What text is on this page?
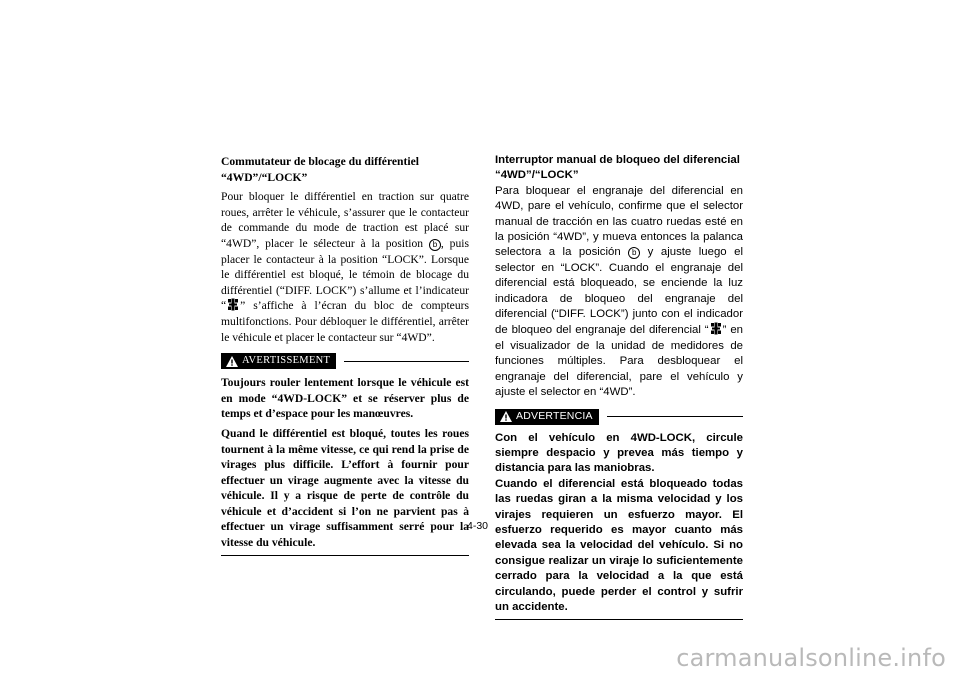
Commutateur de blocage du différentiel “4WD”/“LOCK”

Pour bloquer le différentiel en traction sur quatre roues, arrêter le véhicule, s’assurer que le contacteur de commande du mode de traction est placé sur “4WD”, placer le sélecteur à la position b , puis placer le contacteur à la position “LOCK”. Lorsque le différentiel est bloqué, le témoin de blocage du différentiel (“DIFF. LOCK”) s’allume et l’indicateur “ ” s’affiche à l’écran du bloc de compteurs multifonctions. Pour débloquer le différentiel, arrêter le véhicule et placer le contacteur sur “4WD”.

AVERTISSEMENT

Toujours rouler lentement lorsque le véhicule est en mode “4WD-LOCK” et se réserver plus de temps et d’espace pour les manœuvres.

Quand le différentiel est bloqué, toutes les roues tournent à la même vitesse, ce qui rend la prise de virages plus difficile. L’effort à fournir pour effectuer un virage augmente avec la vitesse du véhicule. Il y a risque de perte de contrôle du véhicule et d’accident si l’on ne parvient pas à effectuer un virage suffisamment serré pour la vitesse du véhicule.

Interruptor manual de bloqueo del diferencial “4WD”/“LOCK”

Para bloquear el engranaje del diferencial en 4WD, pare el vehículo, confirme que el selector manual de tracción en las cuatro ruedas esté en la posición “4WD”, y mueva entonces la palanca selectora a la posición b y ajuste luego el selector en “LOCK”. Cuando el engranaje del diferencial está bloqueado, se enciende la luz indicadora de bloqueo del engranaje del diferencial (“DIFF. LOCK”) junto con el indicador de bloqueo del engranaje del diferencial “ ” en el visualizador de la unidad de medidores de funciones múltiples. Para desbloquear el engranaje del diferencial, pare el vehículo y ajuste el selector en “4WD”.

ADVERTENCIA

Con el vehículo en 4WD-LOCK, circule siempre despacio y prevea más tiempo y distancia para las maniobras.

Cuando el diferencial está bloqueado todas las ruedas giran a la misma velocidad y los virajes requieren un esfuerzo mayor. El esfuerzo requerido es mayor cuanto más elevada sea la velocidad del vehículo. Si no consigue realizar un viraje lo suficientemente cerrado para la velocidad a la que está circulando, puede perder el control y sufrir un accidente.

4-30
carmanualsonline.info
